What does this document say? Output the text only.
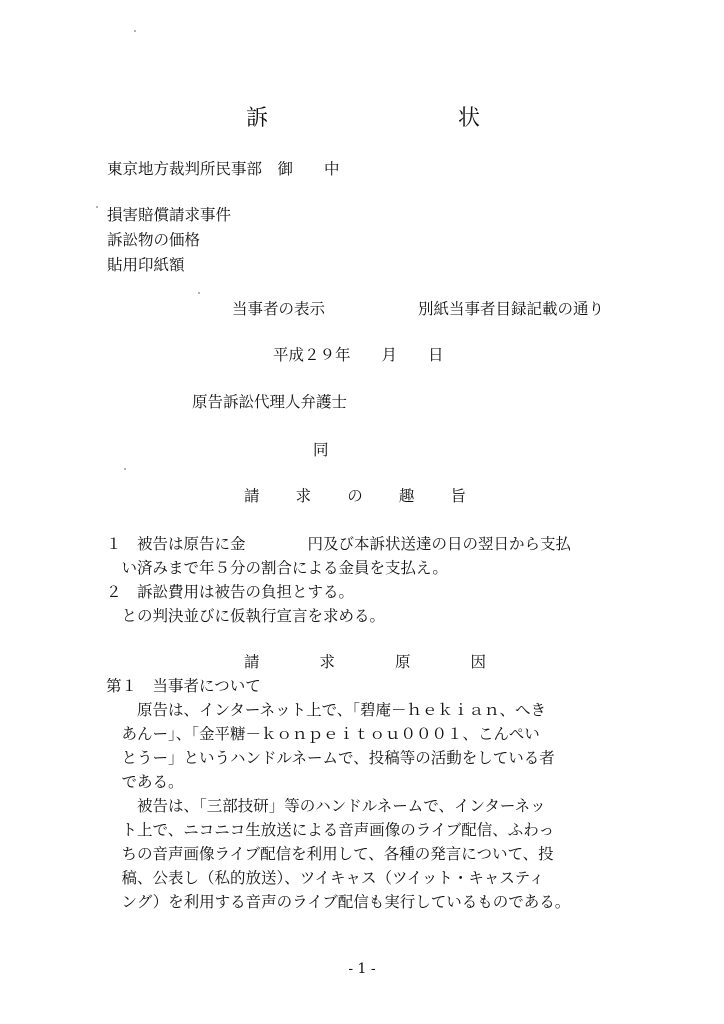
訴	状
東京地方裁判所民事部　御　　中
損害賠償請求事件
訴訟物の価格
貼用印紙額
当事者の表示	別紙当事者目録記載の通り
平成２９年　　月　　日
原告訴訟代理人弁護士
同
請 求 の 趣 旨
１　被告は原告に金　　　　円及び本訴状送達の日の翌日から支払
　い済みまで年５分の割合による金員を支払え。
２　訴訟費用は被告の負担とする。
　との判決並びに仮執行宣言を求める。
請	求	原	因
第１　当事者について
　　原告は、インターネット上で、「碧庵－ｈｅｋｉａｎ、へき
　あんー」、「金平糖－ｋｏｎｐｅｉｔｏｕ０００１、こんぺい
　とうー」というハンドルネームで、投稿等の活動をしている者
　である。
　　被告は、「三部技研」等のハンドルネームで、インターネッ
　ト上で、ニコニコ生放送による音声画像のライブ配信、ふわっ
　ちの音声画像ライブ配信を利用して、各種の発言について、投
　稿、公表し（私的放送）、ツイキャス（ツイット・キャスティ
　ング）を利用する音声のライブ配信も実行しているものである。
- 1 -
